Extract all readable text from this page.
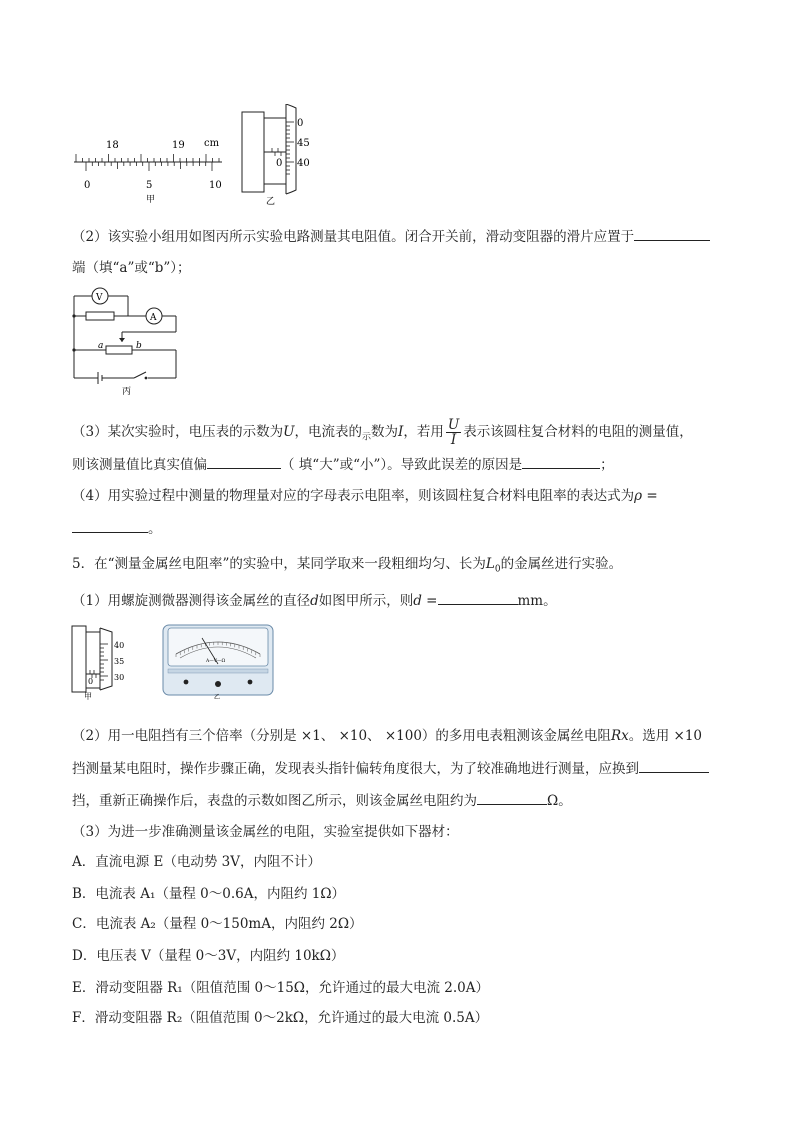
18	19 cm
0	5	10
甲
0
45
40
0
乙
（2）该实验小组用如图丙所示实验电路测量其电阻值。闭合开关前，滑动变阻器的滑片应置于
端（填“a”或“b”）；
V
A
a	b
丙
（3）某次实验时，电压表的示数为U，电流表的$_示$数为I，若用 $\frac{U}{I}$ 表示该圆柱复合材料的电阻的测量值，
则该测量值比真实值偏	（ 填“大”或“小”）。导致此误差的原因是	；
（4）用实验过程中测量的物理量对应的字母表示电阻率，则该圆柱复合材料电阻率的表达式为ρ =
。
5．在“测量金属丝电阻率”的实验中，某同学取来一段粗细均匀、长为$L_0$的金属丝进行实验。
（1）用螺旋测微器测得该金属丝的直径d如图甲所示，则d =	mm。
40
35
30
0
甲
A—V—Ω
乙
（2）用一电阻挡有三个倍率（分别是 ×1、 ×10、 ×100）的多用电表粗测该金属丝电阻Rx。选用 ×10
挡测量某电阻时，操作步骤正确，发现表头指针偏转角度很大，为了较准确地进行测量，应换到
挡，重新正确操作后，表盘的示数如图乙所示，则该金属丝电阻约为	Ω。
（3）为进一步准确测量该金属丝的电阻，实验室提供如下器材：
A．直流电源 E（电动势 3V，内阻不计）
B．电流表 A₁（量程 0～0.6A，内阻约 1Ω）
C．电流表 A₂（量程 0～150mA，内阻约 2Ω）
D．电压表 V（量程 0～3V，内阻约 10kΩ）
E．滑动变阻器 R₁（阻值范围 0～15Ω，允许通过的最大电流 2.0A）
F．滑动变阻器 R₂（阻值范围 0～2kΩ，允许通过的最大电流 0.5A）
